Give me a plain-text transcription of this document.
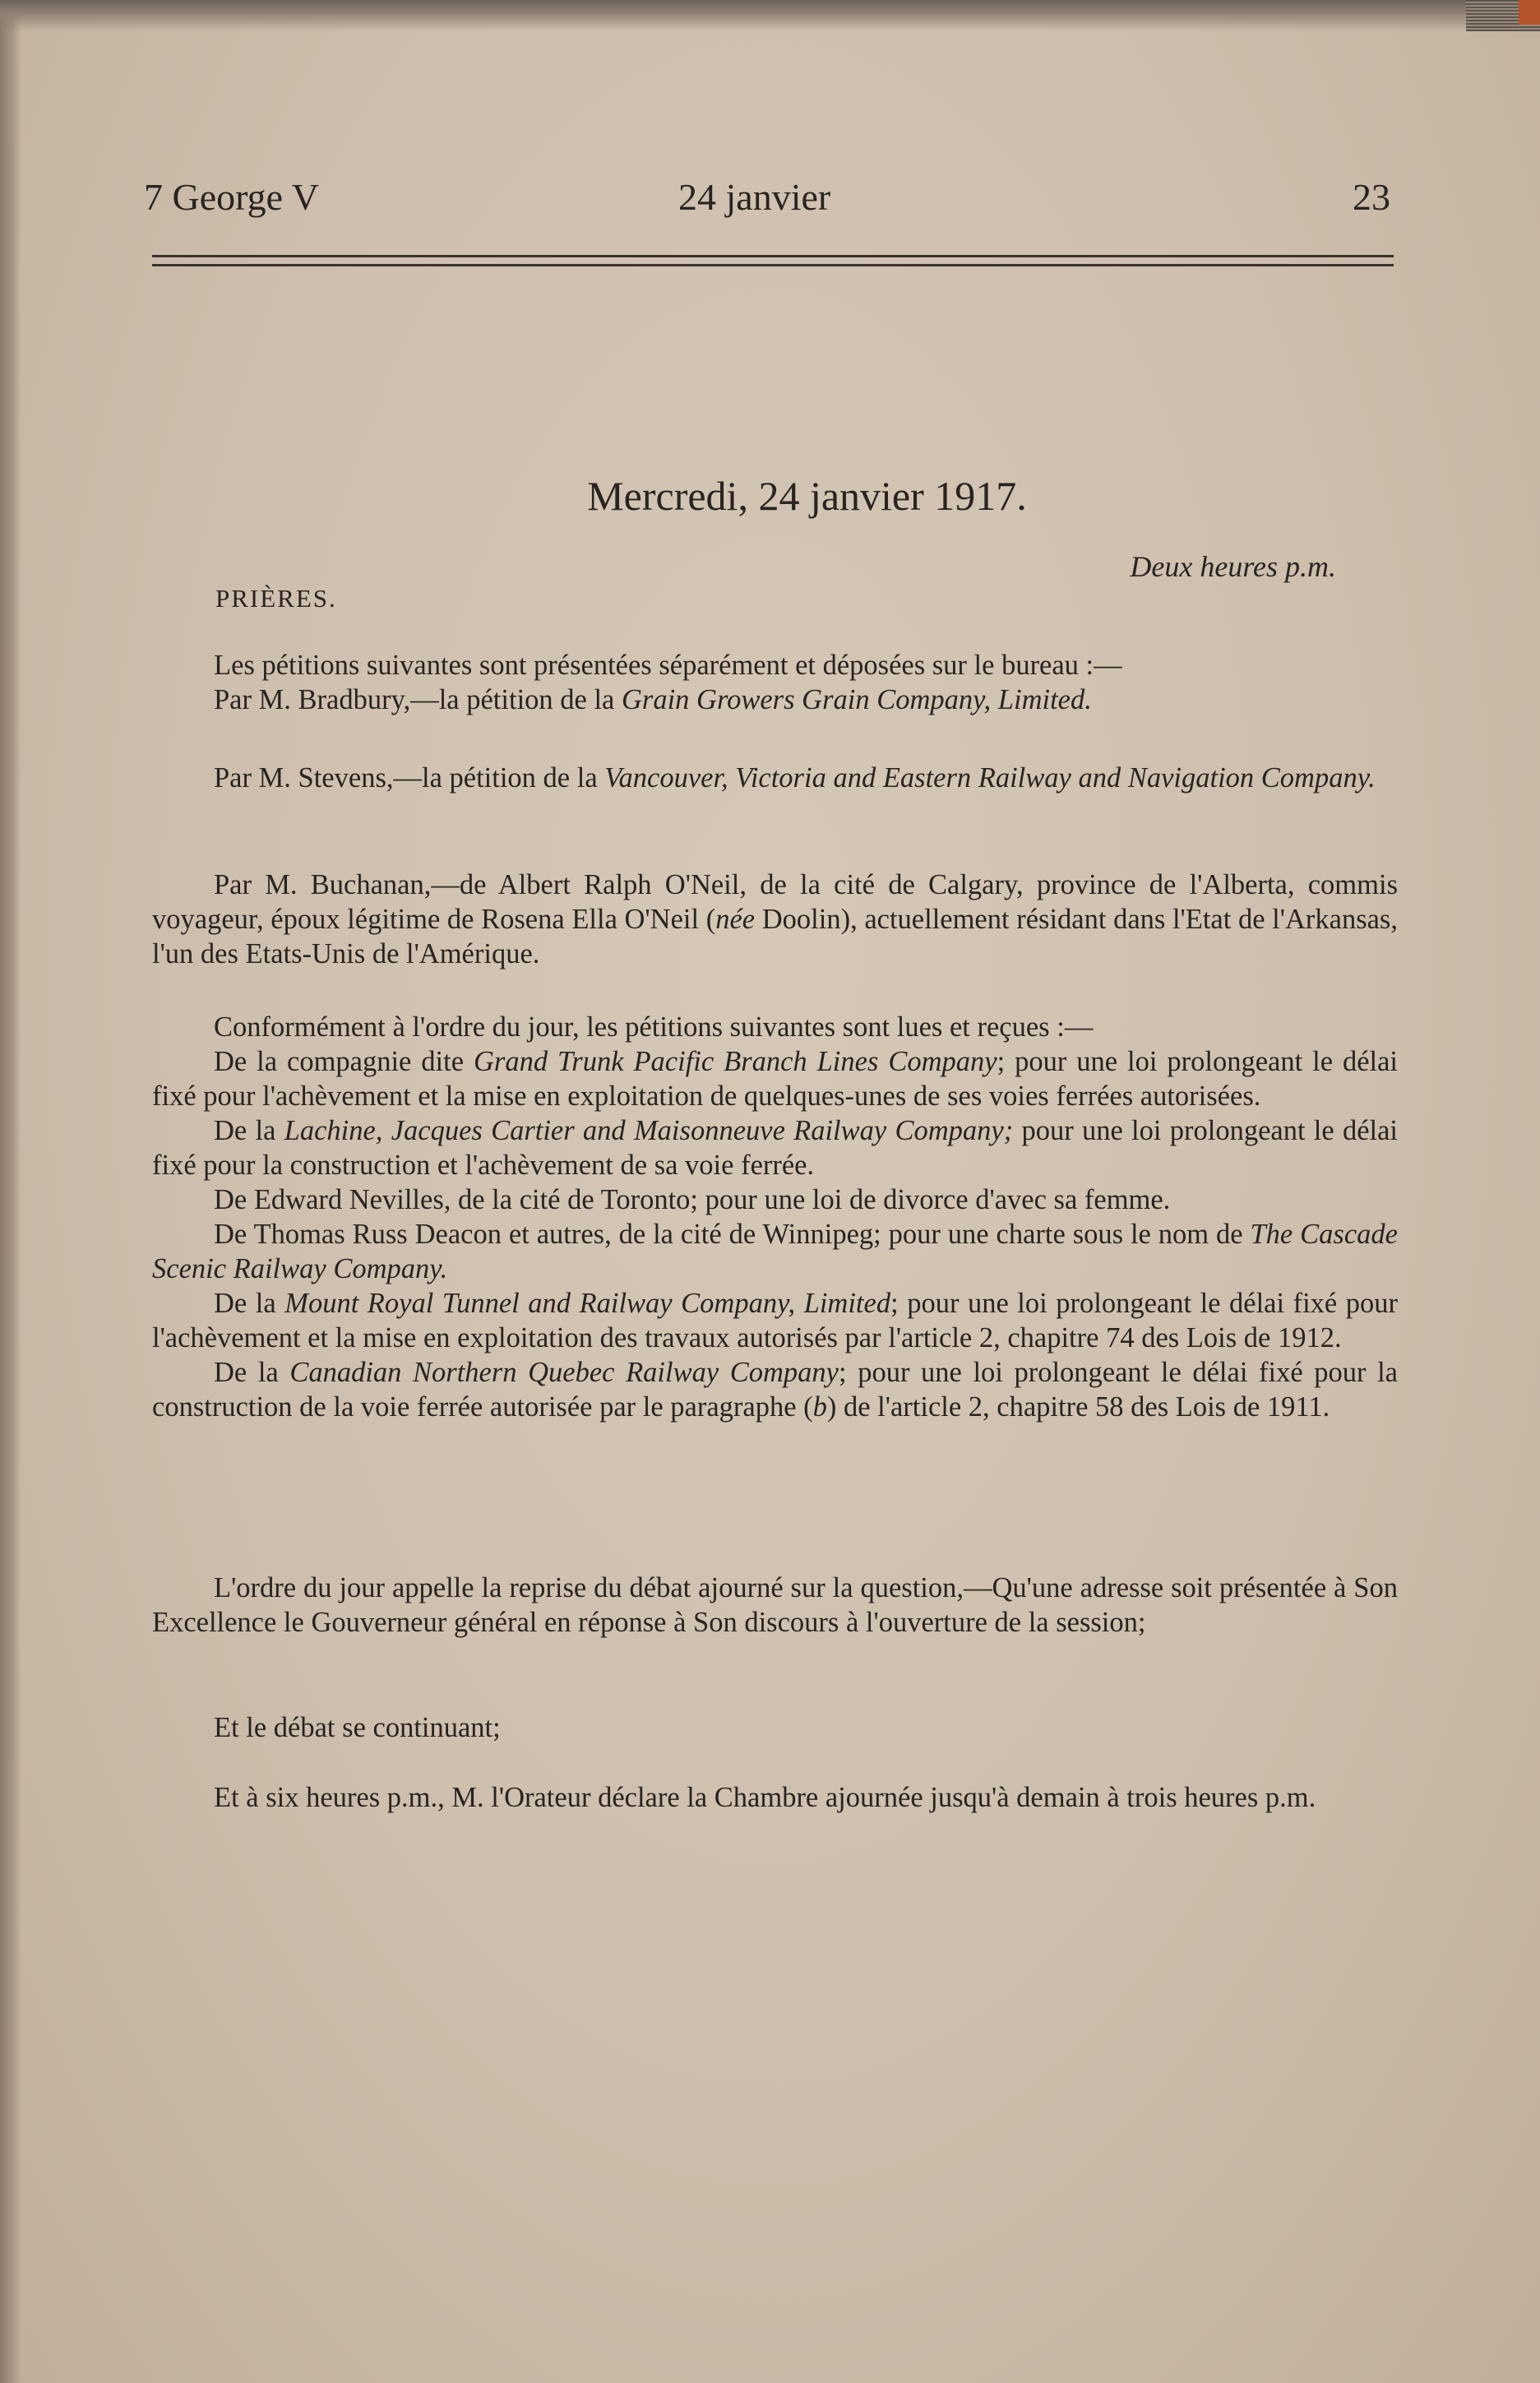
7 George V	24 janvier	23
Mercredi, 24 janvier 1917.
Deux heures p.m.
PRIÈRES.

Les pétitions suivantes sont présentées séparément et déposées sur le bureau :—

Par M. Bradbury,—la pétition de la Grain Growers Grain Company, Limited.

Par M. Stevens,—la pétition de la Vancouver, Victoria and Eastern Railway and Navigation Company.

Par M. Buchanan,—de Albert Ralph O'Neil, de la cité de Calgary, province de l'Alberta, commis voyageur, époux légitime de Rosena Ella O'Neil (née Doolin), actuellement résidant dans l'Etat de l'Arkansas, l'un des Etats-Unis de l'Amérique.

Conformément à l'ordre du jour, les pétitions suivantes sont lues et reçues :—

De la compagnie dite Grand Trunk Pacific Branch Lines Company; pour une loi prolongeant le délai fixé pour l'achèvement et la mise en exploitation de quelques-unes de ses voies ferrées autorisées.

De la Lachine, Jacques Cartier and Maisonneuve Railway Company; pour une loi prolongeant le délai fixé pour la construction et l'achèvement de sa voie ferrée.

De Edward Nevilles, de la cité de Toronto; pour une loi de divorce d'avec sa femme.

De Thomas Russ Deacon et autres, de la cité de Winnipeg; pour une charte sous le nom de The Cascade Scenic Railway Company.

De la Mount Royal Tunnel and Railway Company, Limited; pour une loi prolongeant le délai fixé pour l'achèvement et la mise en exploitation des travaux autorisés par l'article 2, chapitre 74 des Lois de 1912.

De la Canadian Northern Quebec Railway Company; pour une loi prolongeant le délai fixé pour la construction de la voie ferrée autorisée par le paragraphe (b) de l'article 2, chapitre 58 des Lois de 1911.

L'ordre du jour appelle la reprise du débat ajourné sur la question,—Qu'une adresse soit présentée à Son Excellence le Gouverneur général en réponse à Son discours à l'ouverture de la session;

Et le débat se continuant;

Et à six heures p.m., M. l'Orateur déclare la Chambre ajournée jusqu'à demain à trois heures p.m.
